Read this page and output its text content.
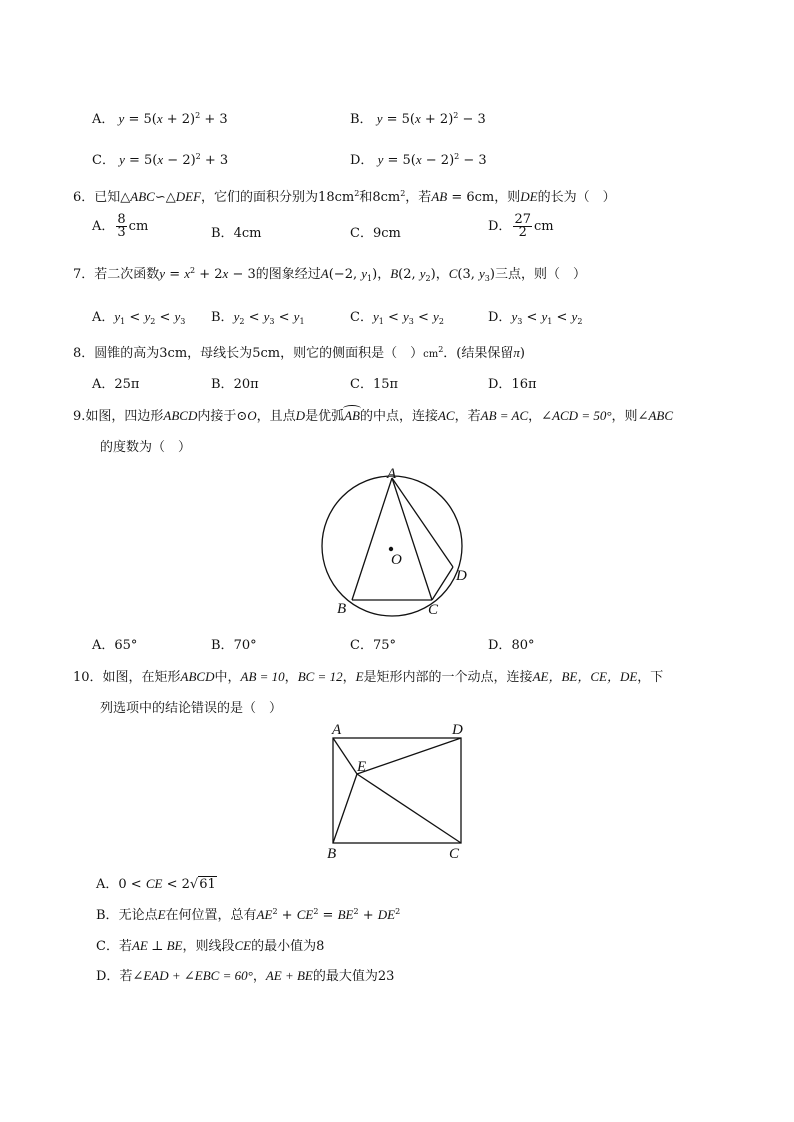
A． $y = 5(x + 2)^2 + 3$	B． $y = 5(x + 2)^2 - 3$
C． $y = 5(x - 2)^2 + 3$	D． $y = 5(x - 2)^2 - 3$
6．已知△ABC∽△DEF，它们的面积分别为$18cm^2$和$8cm^2$，若AB = 6cm，则DE的长为（　）
A． $\frac{8}{3}$ cm	B．4cm	C．9cm	D． $\frac{27}{2}$ cm
7．若二次函数$y = x^2 + 2x - 3$的图象经过A(−2, $y_1$)，B(2, $y_2$)，C(3, $y_3$)三点，则（　）
A．$y_1 < y_2 < y_3$ B．$y_2 < y_3 < y_1$	C．$y_1 < y_3 < y_2$	D．$y_3 < y_1 < y_2$
8．圆锥的高为3cm，母线长为5cm，则它的侧面积是（　）$cm^2$．(结果保留π)
A．25π	B．20π	C．15π	D．16π
9.如图，四边形ABCD内接于⊙O，且点D是优弧AB的中点，连接AC，若AB = AC，∠ACD = 50°，则∠ABC
的度数为（　）
A
B	C
D
O
A．65°	B．70°	C．75°	D．80°
10．如图，在矩形ABCD中，AB = 10，BC = 12，E是矩形内部的一个动点，连接AE，BE，CE，DE，下
列选项中的结论错误的是（　）
A	D
E
B	C
A．0 < CE < 2√61
B．无论点E在何位置，总有$AE^2 + CE^2 = BE^2 + DE^2$
C．若AE ⊥ BE，则线段CE的最小值为8
D．若∠EAD + ∠EBC = 60°，AE + BE的最大值为23
